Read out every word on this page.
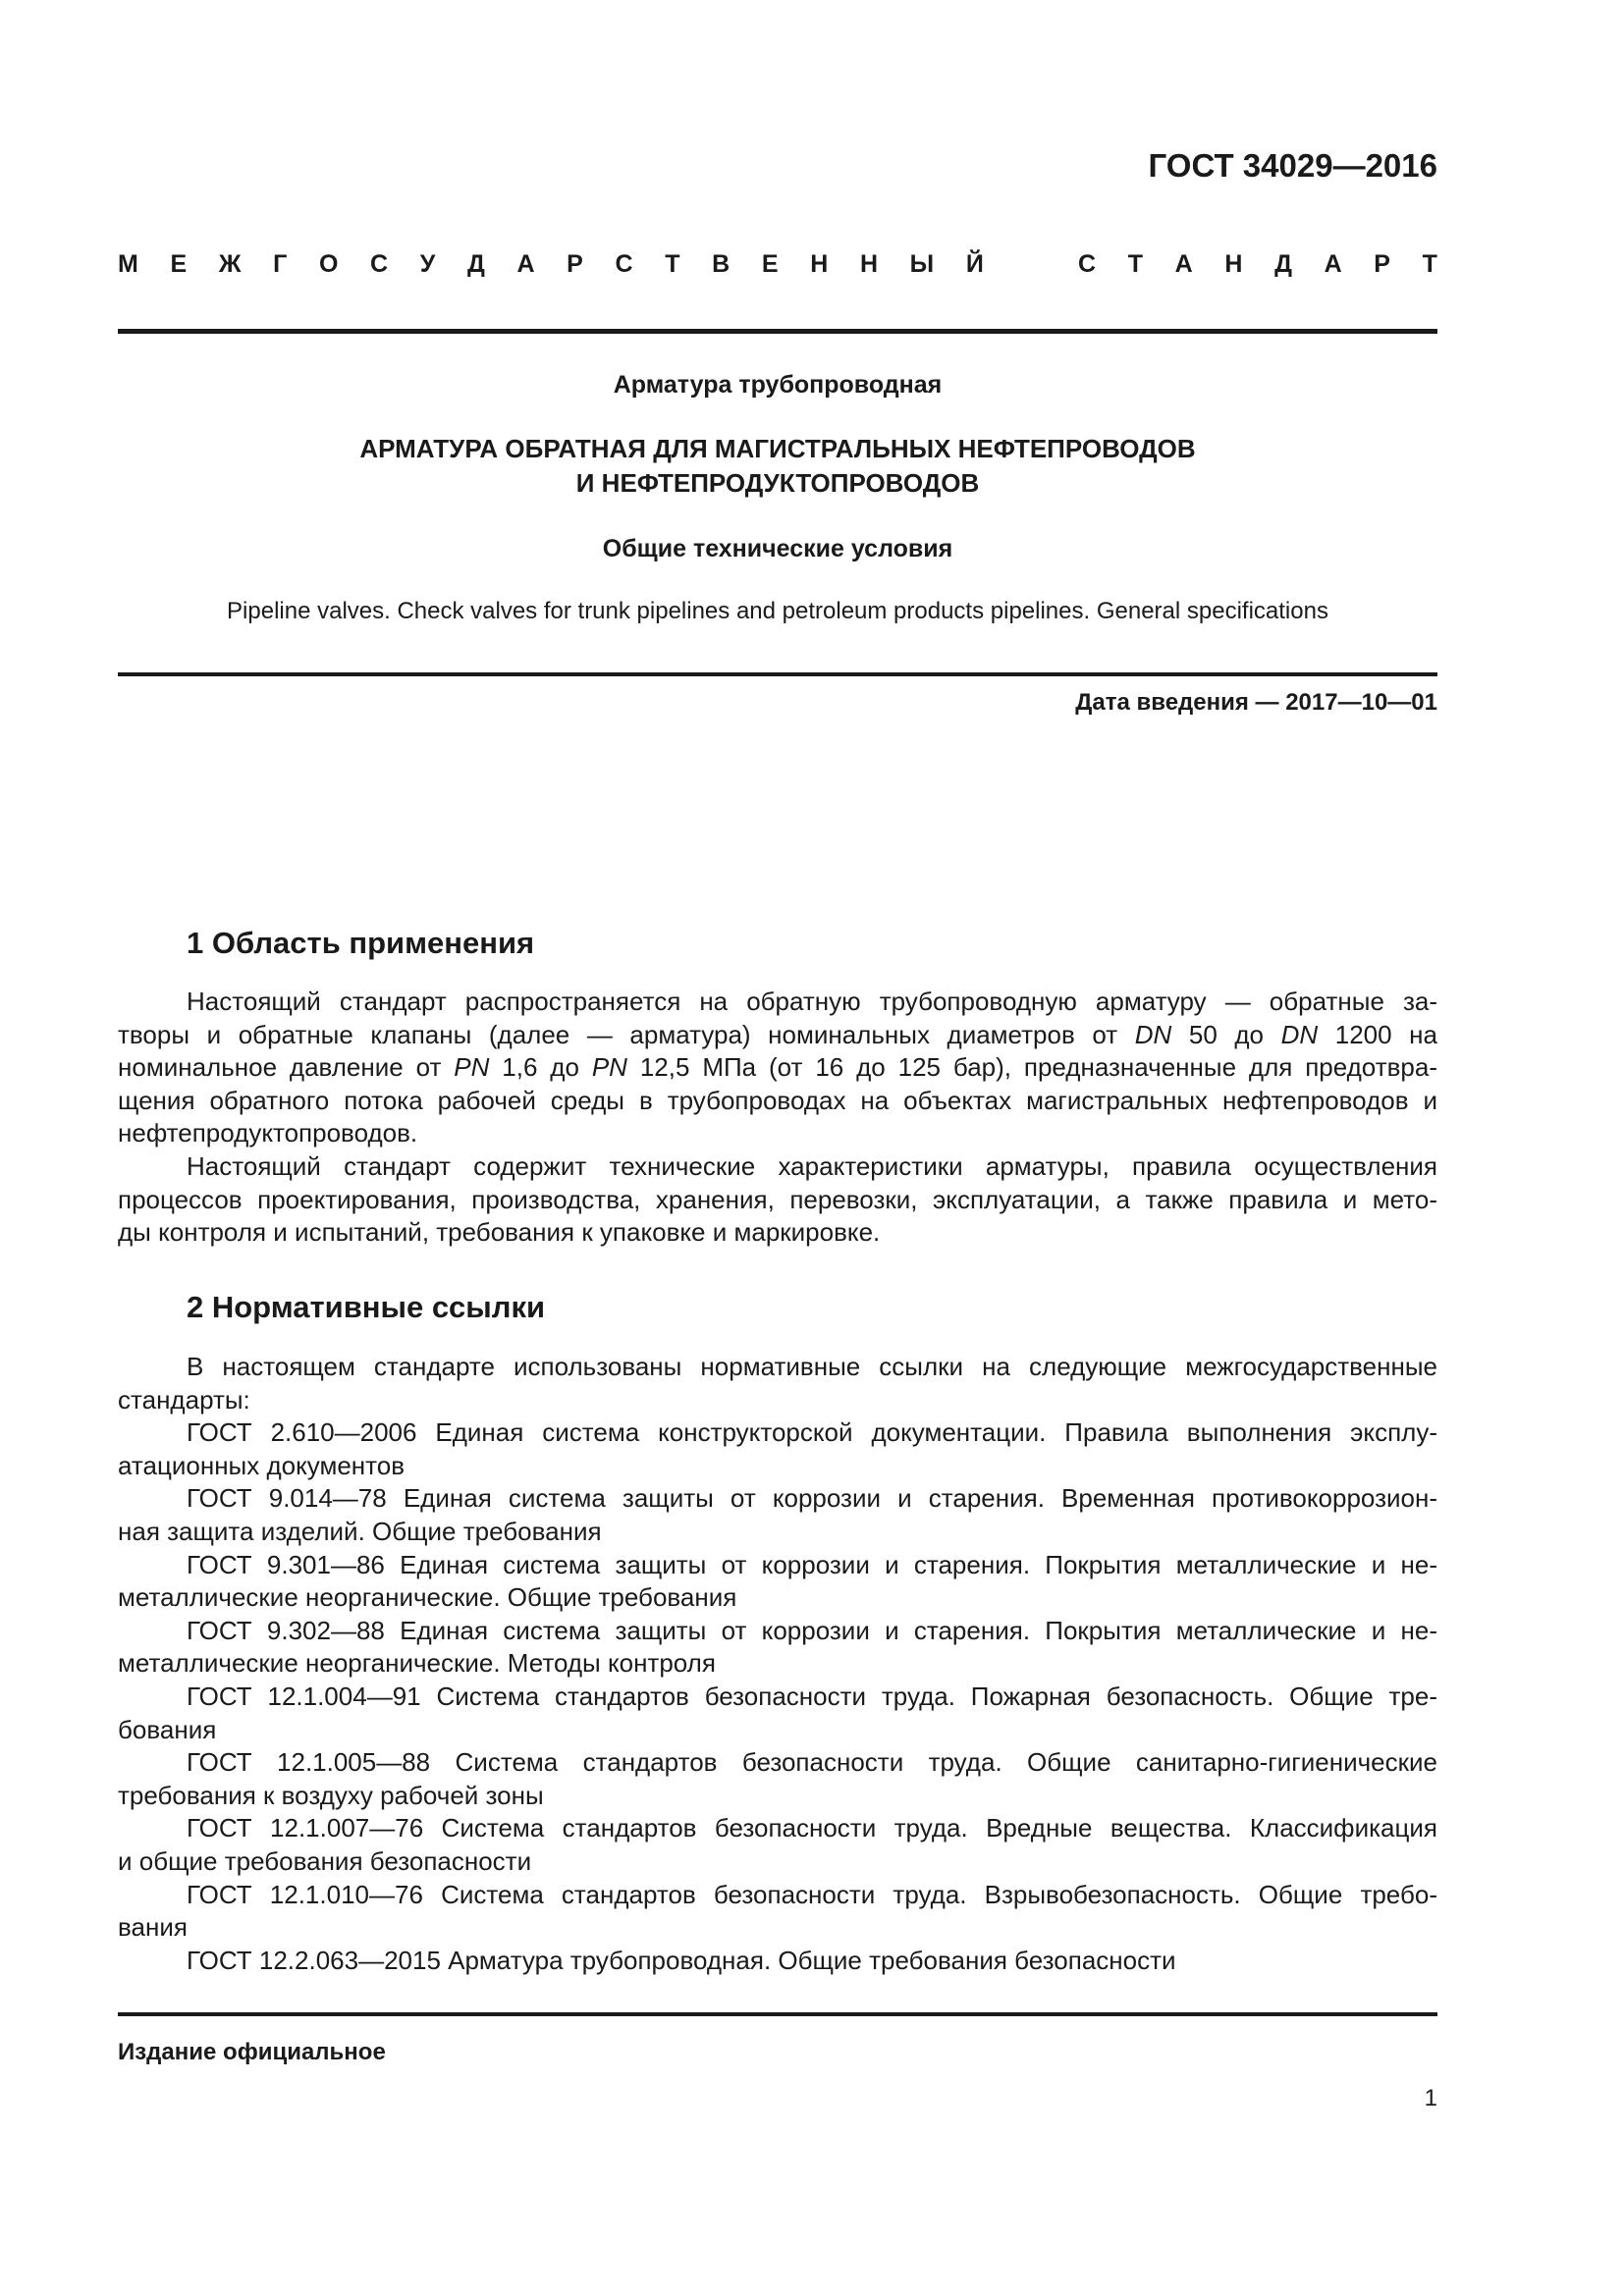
ГОСТ 34029—2016
М Е Ж Г О С У Д А Р С Т В Е Н Н Ы Й	С Т А Н Д А Р Т
Арматура трубопроводная
АРМАТУРА ОБРАТНАЯ ДЛЯ МАГИСТРАЛЬНЫХ НЕФТЕПРОВОДОВ
И НЕФТЕПРОДУКТОПРОВОДОВ
Общие технические условия
Pipeline valves. Check valves for trunk pipelines and petroleum products pipelines. General specifications
Дата введения — 2017—10—01
1 Область применения
Настоящий стандарт распространяется на обратную трубопроводную арматуру — обратные за-
творы и обратные клапаны (далее — арматура) номинальных диаметров от DN 50 до DN 1200 на
номинальное давление от PN 1,6 до PN 12,5 МПа (от 16 до 125 бар), предназначенные для предотвра-
щения обратного потока рабочей среды в трубопроводах на объектах магистральных нефтепроводов и
нефтепродуктопроводов.
Настоящий стандарт содержит технические характеристики арматуры, правила осуществления
процессов проектирования, производства, хранения, перевозки, эксплуатации, а также правила и мето-
ды контроля и испытаний, требования к упаковке и маркировке.
2 Нормативные ссылки
В настоящем стандарте использованы нормативные ссылки на следующие межгосударственные
стандарты:
ГОСТ 2.610—2006 Единая система конструкторской документации. Правила выполнения эксплу-
атационных документов
ГОСТ 9.014—78 Единая система защиты от коррозии и старения. Временная противокоррозион-
ная защита изделий. Общие требования
ГОСТ 9.301—86 Единая система защиты от коррозии и старения. Покрытия металлические и не-
металлические неорганические. Общие требования
ГОСТ 9.302—88 Единая система защиты от коррозии и старения. Покрытия металлические и не-
металлические неорганические. Методы контроля
ГОСТ 12.1.004—91 Система стандартов безопасности труда. Пожарная безопасность. Общие тре-
бования
ГОСТ 12.1.005—88 Система стандартов безопасности труда. Общие санитарно-гигиенические
требования к воздуху рабочей зоны
ГОСТ 12.1.007—76 Система стандартов безопасности труда. Вредные вещества. Классификация
и общие требования безопасности
ГОСТ 12.1.010—76 Система стандартов безопасности труда. Взрывобезопасность. Общие требо-
вания
ГОСТ 12.2.063—2015 Арматура трубопроводная. Общие требования безопасности
Издание официальное
1
